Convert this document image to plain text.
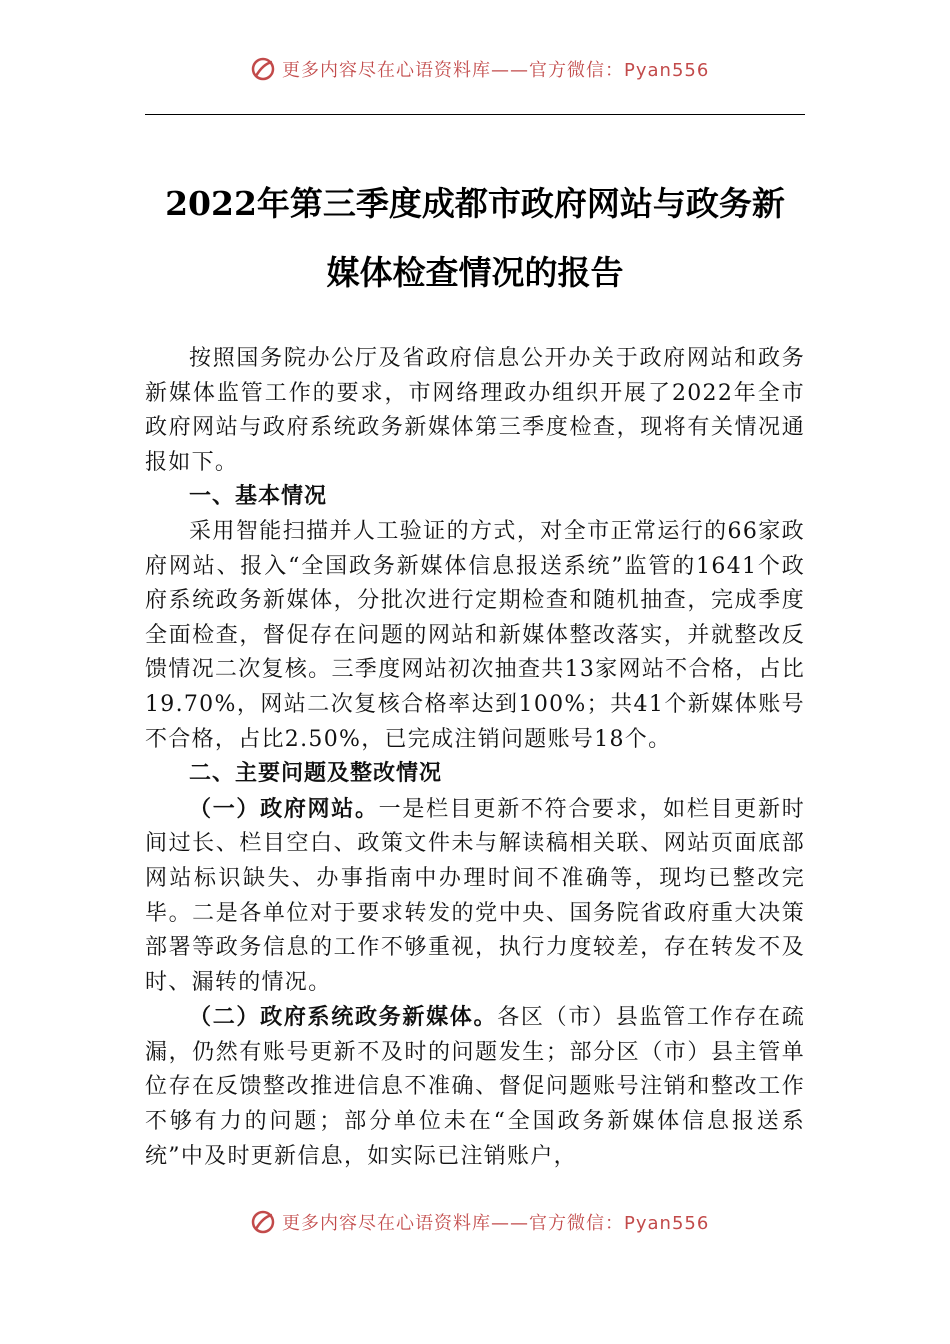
更多内容尽在心语资料库——官方微信：Pyan556
2022年第三季度成都市政府网站与政务新
媒体检查情况的报告

按照国务院办公厅及省政府信息公开办关于政府网站和政务新媒体监管工作的要求，市网络理政办组织开展了2022年全市政府网站与政府系统政务新媒体第三季度检查，现将有关情况通报如下。

一、基本情况

采用智能扫描并人工验证的方式，对全市正常运行的66家政府网站、报入“全国政务新媒体信息报送系统”监管的1641个政府系统政务新媒体，分批次进行定期检查和随机抽查，完成季度全面检查，督促存在问题的网站和新媒体整改落实，并就整改反馈情况二次复核。三季度网站初次抽查共13家网站不合格，占比19.70%，网站二次复核合格率达到100%；共41个新媒体账号不合格，占比2.50%，已完成注销问题账号18个。

二、主要问题及整改情况

（一）政府网站。一是栏目更新不符合要求，如栏目更新时间过长、栏目空白、政策文件未与解读稿相关联、网站页面底部网站标识缺失、办事指南中办理时间不准确等，现均已整改完毕。二是各单位对于要求转发的党中央、国务院省政府重大决策部署等政务信息的工作不够重视，执行力度较差，存在转发不及时、漏转的情况。

（二）政府系统政务新媒体。各区（市）县监管工作存在疏漏，仍然有账号更新不及时的问题发生；部分区（市）县主管单位存在反馈整改推进信息不准确、督促问题账号注销和整改工作不够有力的问题；部分单位未在“全国政务新媒体信息报送系统”中及时更新信息，如实际已注销账户，

更多内容尽在心语资料库——官方微信：Pyan556
